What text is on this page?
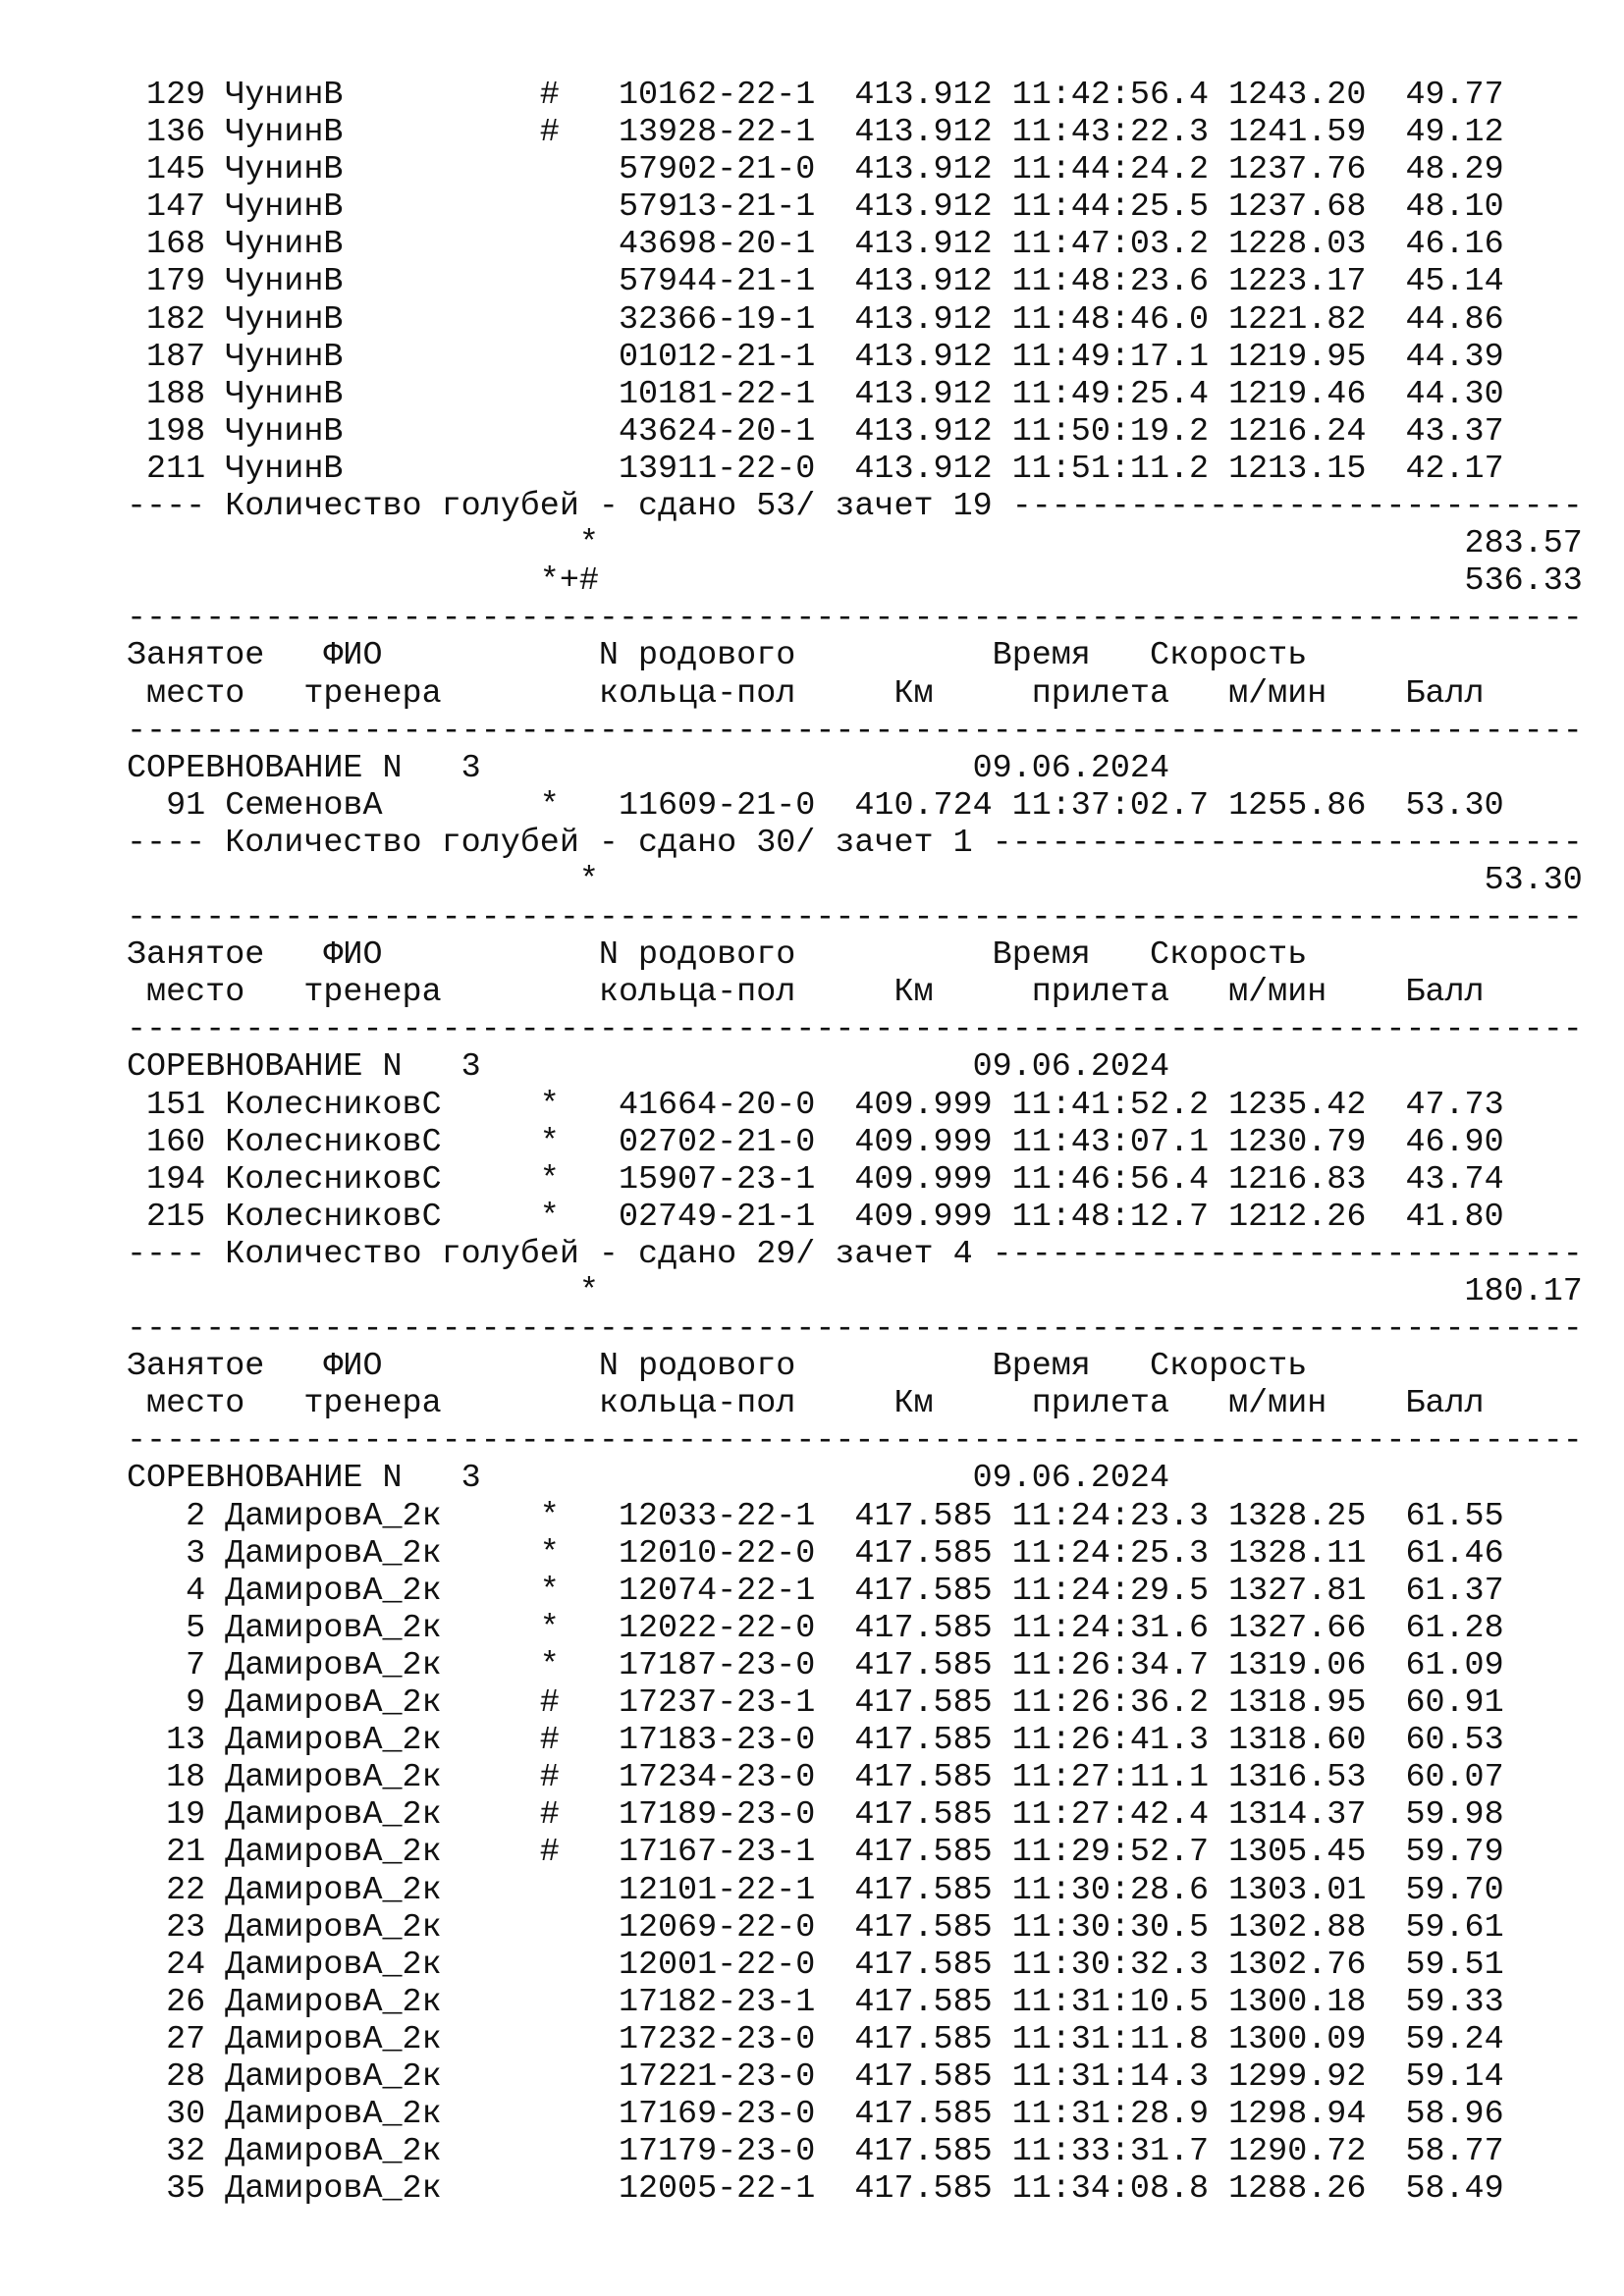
129 ЧунинВ          #   10162-22-1  413.912 11:42:56.4 1243.20  49.77
136 ЧунинВ          #   13928-22-1  413.912 11:43:22.3 1241.59  49.12
145 ЧунинВ              57902-21-0  413.912 11:44:24.2 1237.76  48.29
147 ЧунинВ              57913-21-1  413.912 11:44:25.5 1237.68  48.10
168 ЧунинВ              43698-20-1  413.912 11:47:03.2 1228.03  46.16
179 ЧунинВ              57944-21-1  413.912 11:48:23.6 1223.17  45.14
182 ЧунинВ              32366-19-1  413.912 11:48:46.0 1221.82  44.86
187 ЧунинВ              01012-21-1  413.912 11:49:17.1 1219.95  44.39
188 ЧунинВ              10181-22-1  413.912 11:49:25.4 1219.46  44.30
198 ЧунинВ              43624-20-1  413.912 11:50:19.2 1216.24  43.37
211 ЧунинВ              13911-22-0  413.912 11:51:11.2 1213.15  42.17
---- Количество голубей - сдано 53/ зачет 19 -----------------------------
*                                            283.57
*+#                                            536.33
--------------------------------------------------------------------------
Занятое   ФИО           N родового          Время   Скорость
место   тренера        кольца-пол     Км     прилета   м/мин    Балл
--------------------------------------------------------------------------
СОРЕВНОВАНИЕ N   3                         09.06.2024
91 СеменовА        *   11609-21-0  410.724 11:37:02.7 1255.86  53.30
---- Количество голубей - сдано 30/ зачет 1 ------------------------------
*                                             53.30
--------------------------------------------------------------------------
Занятое   ФИО           N родового          Время   Скорость
место   тренера        кольца-пол     Км     прилета   м/мин    Балл
--------------------------------------------------------------------------
СОРЕВНОВАНИЕ N   3                         09.06.2024
151 КолесниковС     *   41664-20-0  409.999 11:41:52.2 1235.42  47.73
160 КолесниковС     *   02702-21-0  409.999 11:43:07.1 1230.79  46.90
194 КолесниковС     *   15907-23-1  409.999 11:46:56.4 1216.83  43.74
215 КолесниковС     *   02749-21-1  409.999 11:48:12.7 1212.26  41.80
---- Количество голубей - сдано 29/ зачет 4 ------------------------------
*                                            180.17
--------------------------------------------------------------------------
Занятое   ФИО           N родового          Время   Скорость
место   тренера        кольца-пол     Км     прилета   м/мин    Балл
--------------------------------------------------------------------------
СОРЕВНОВАНИЕ N   3                         09.06.2024
2 ДамировА_2к     *   12033-22-1  417.585 11:24:23.3 1328.25  61.55
3 ДамировА_2к     *   12010-22-0  417.585 11:24:25.3 1328.11  61.46
4 ДамировА_2к     *   12074-22-1  417.585 11:24:29.5 1327.81  61.37
5 ДамировА_2к     *   12022-22-0  417.585 11:24:31.6 1327.66  61.28
7 ДамировА_2к     *   17187-23-0  417.585 11:26:34.7 1319.06  61.09
9 ДамировА_2к     #   17237-23-1  417.585 11:26:36.2 1318.95  60.91
13 ДамировА_2к     #   17183-23-0  417.585 11:26:41.3 1318.60  60.53
18 ДамировА_2к     #   17234-23-0  417.585 11:27:11.1 1316.53  60.07
19 ДамировА_2к     #   17189-23-0  417.585 11:27:42.4 1314.37  59.98
21 ДамировА_2к     #   17167-23-1  417.585 11:29:52.7 1305.45  59.79
22 ДамировА_2к         12101-22-1  417.585 11:30:28.6 1303.01  59.70
23 ДамировА_2к         12069-22-0  417.585 11:30:30.5 1302.88  59.61
24 ДамировА_2к         12001-22-0  417.585 11:30:32.3 1302.76  59.51
26 ДамировА_2к         17182-23-1  417.585 11:31:10.5 1300.18  59.33
27 ДамировА_2к         17232-23-0  417.585 11:31:11.8 1300.09  59.24
28 ДамировА_2к         17221-23-0  417.585 11:31:14.3 1299.92  59.14
30 ДамировА_2к         17169-23-0  417.585 11:31:28.9 1298.94  58.96
32 ДамировА_2к         17179-23-0  417.585 11:33:31.7 1290.72  58.77
35 ДамировА_2к         12005-22-1  417.585 11:34:08.8 1288.26  58.49
